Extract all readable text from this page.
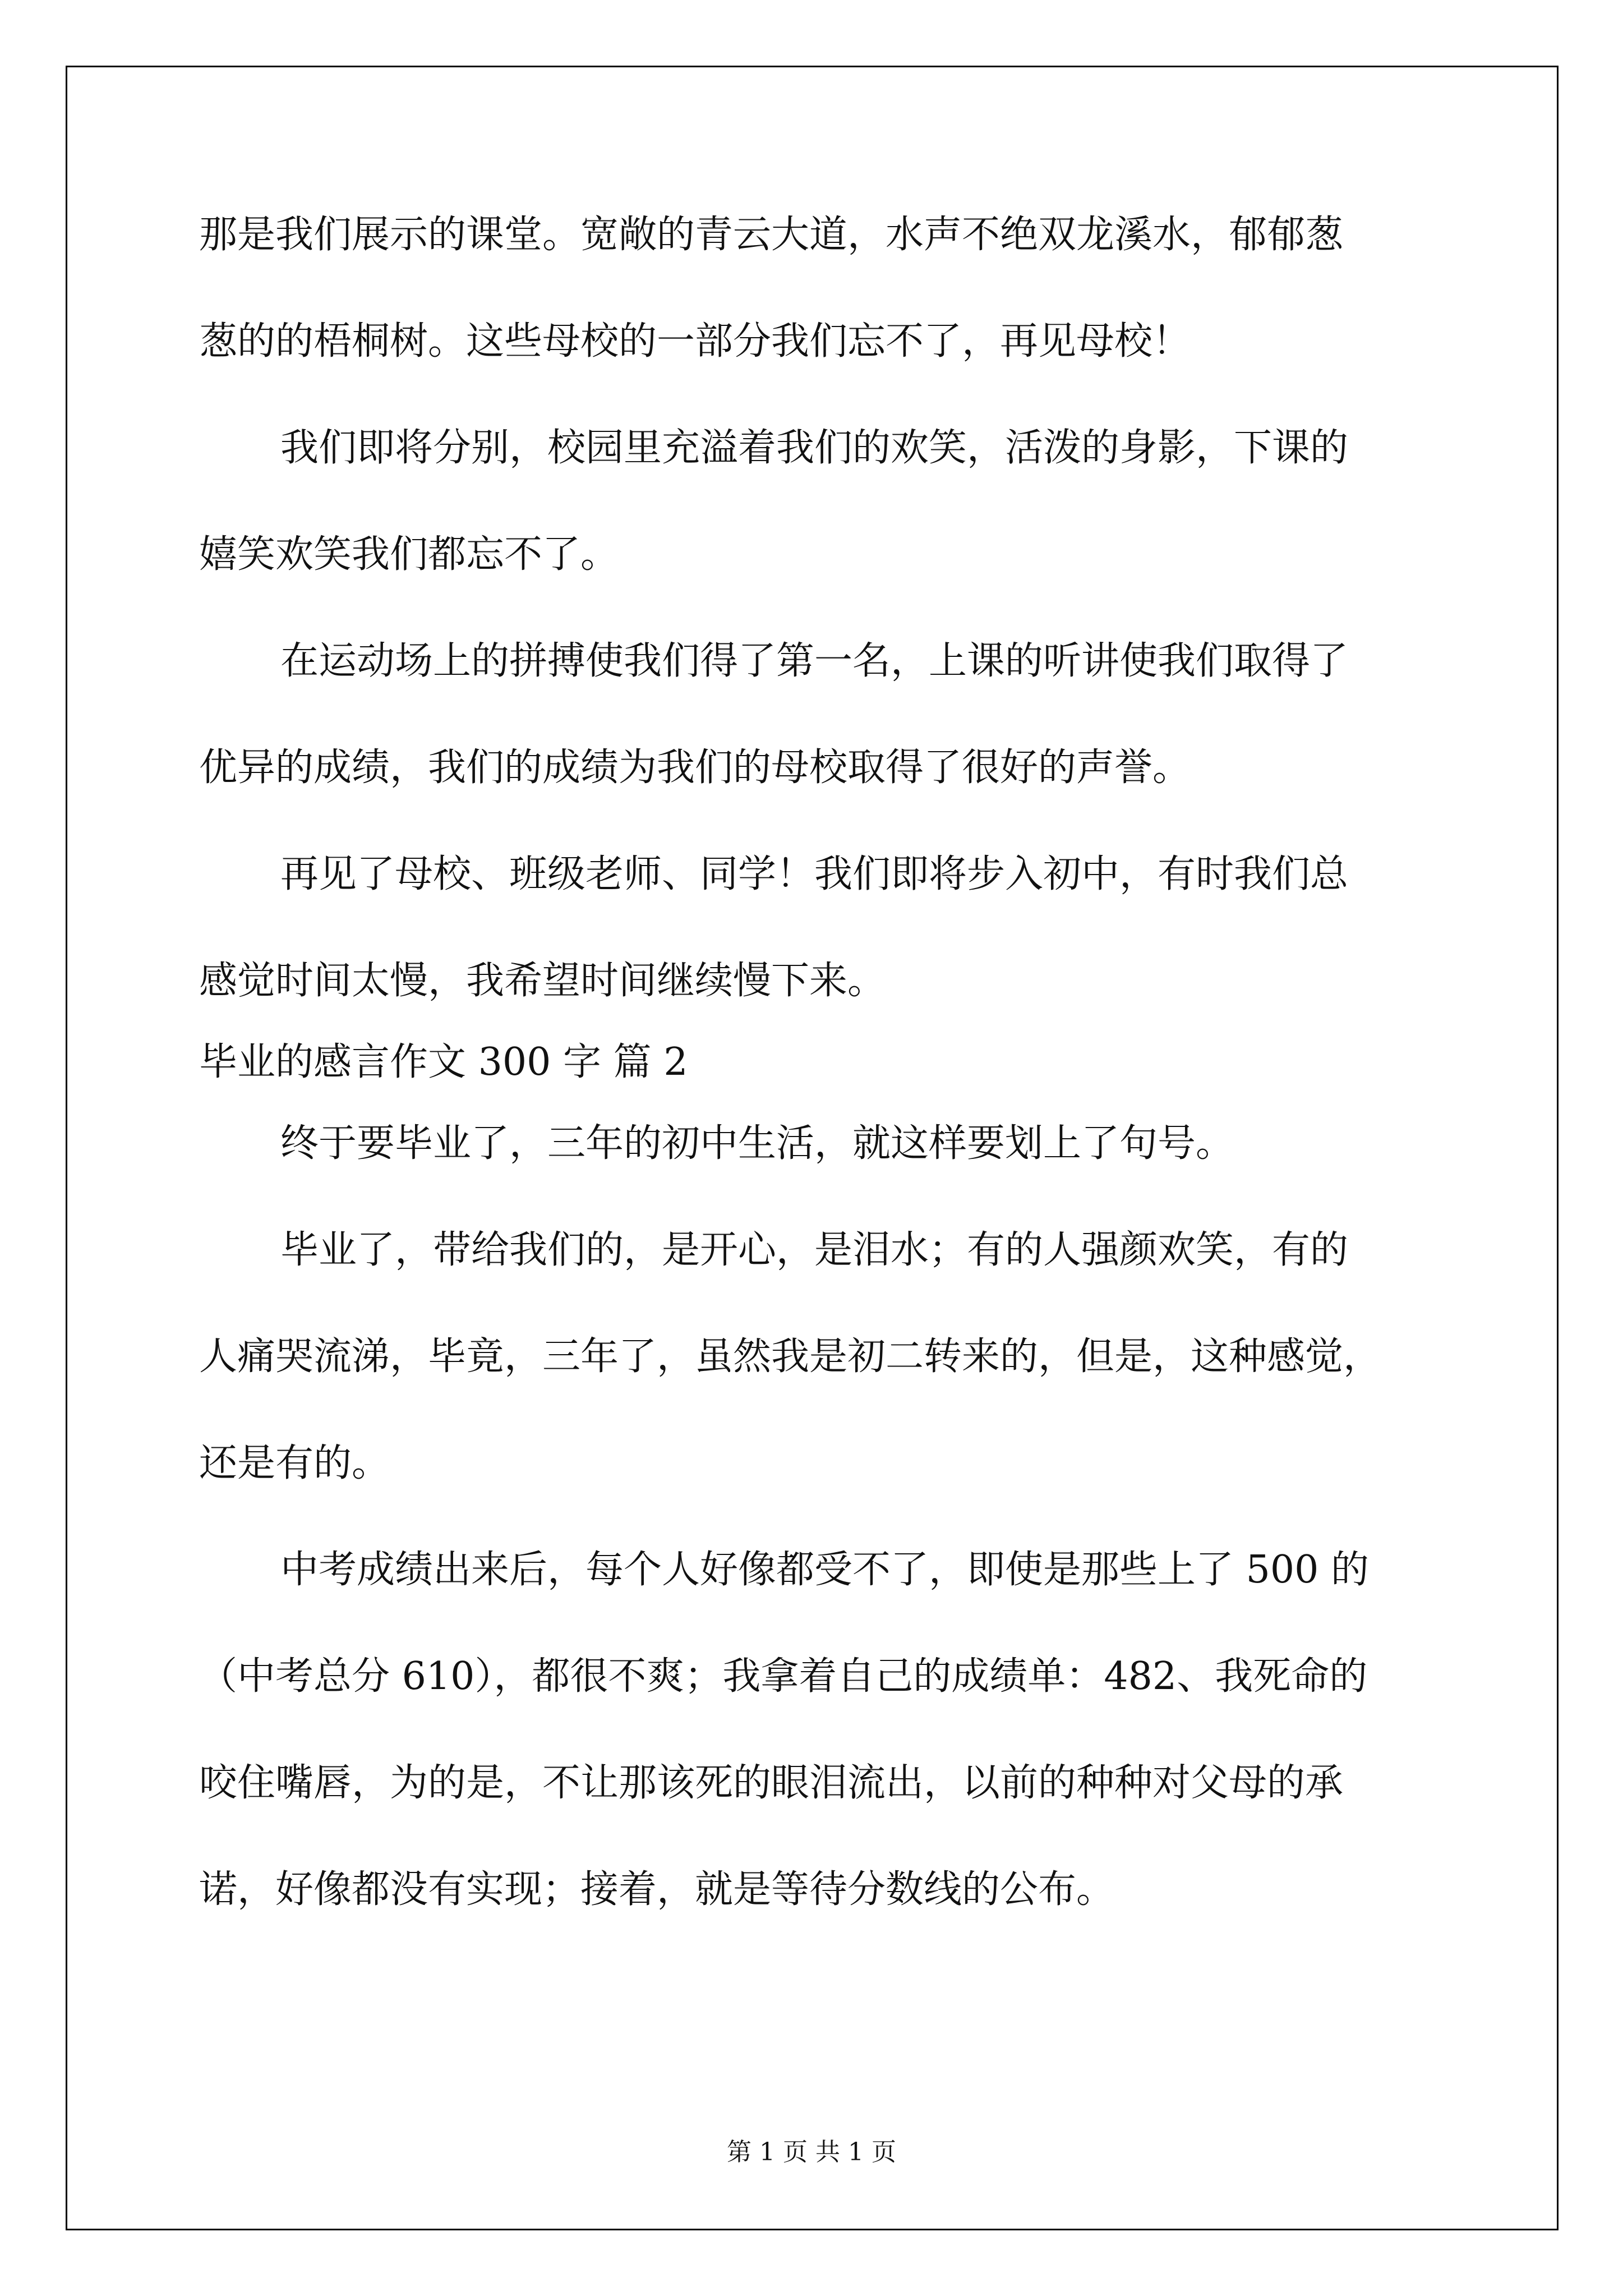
那是我们展示的课堂。宽敞的青云大道，水声不绝双龙溪水，郁郁葱
葱的的梧桐树。这些母校的一部分我们忘不了，再见母校！
我们即将分别，校园里充溢着我们的欢笑，活泼的身影，下课的
嬉笑欢笑我们都忘不了。
在运动场上的拼搏使我们得了第一名，上课的听讲使我们取得了
优异的成绩，我们的成绩为我们的母校取得了很好的声誉。
再见了母校、班级老师、同学！我们即将步入初中，有时我们总
感觉时间太慢，我希望时间继续慢下来。
毕业的感言作文 300 字 篇 2
终于要毕业了，三年的初中生活，就这样要划上了句号。
毕业了，带给我们的，是开心，是泪水；有的人强颜欢笑，有的
人痛哭流涕，毕竟，三年了，虽然我是初二转来的，但是，这种感觉，
还是有的。
中考成绩出来后，每个人好像都受不了，即使是那些上了 500 的
（中考总分 610），都很不爽；我拿着自己的成绩单：482、我死命的
咬住嘴唇，为的是，不让那该死的眼泪流出，以前的种种对父母的承
诺，好像都没有实现；接着，就是等待分数线的公布。
第 1 页 共 1 页
